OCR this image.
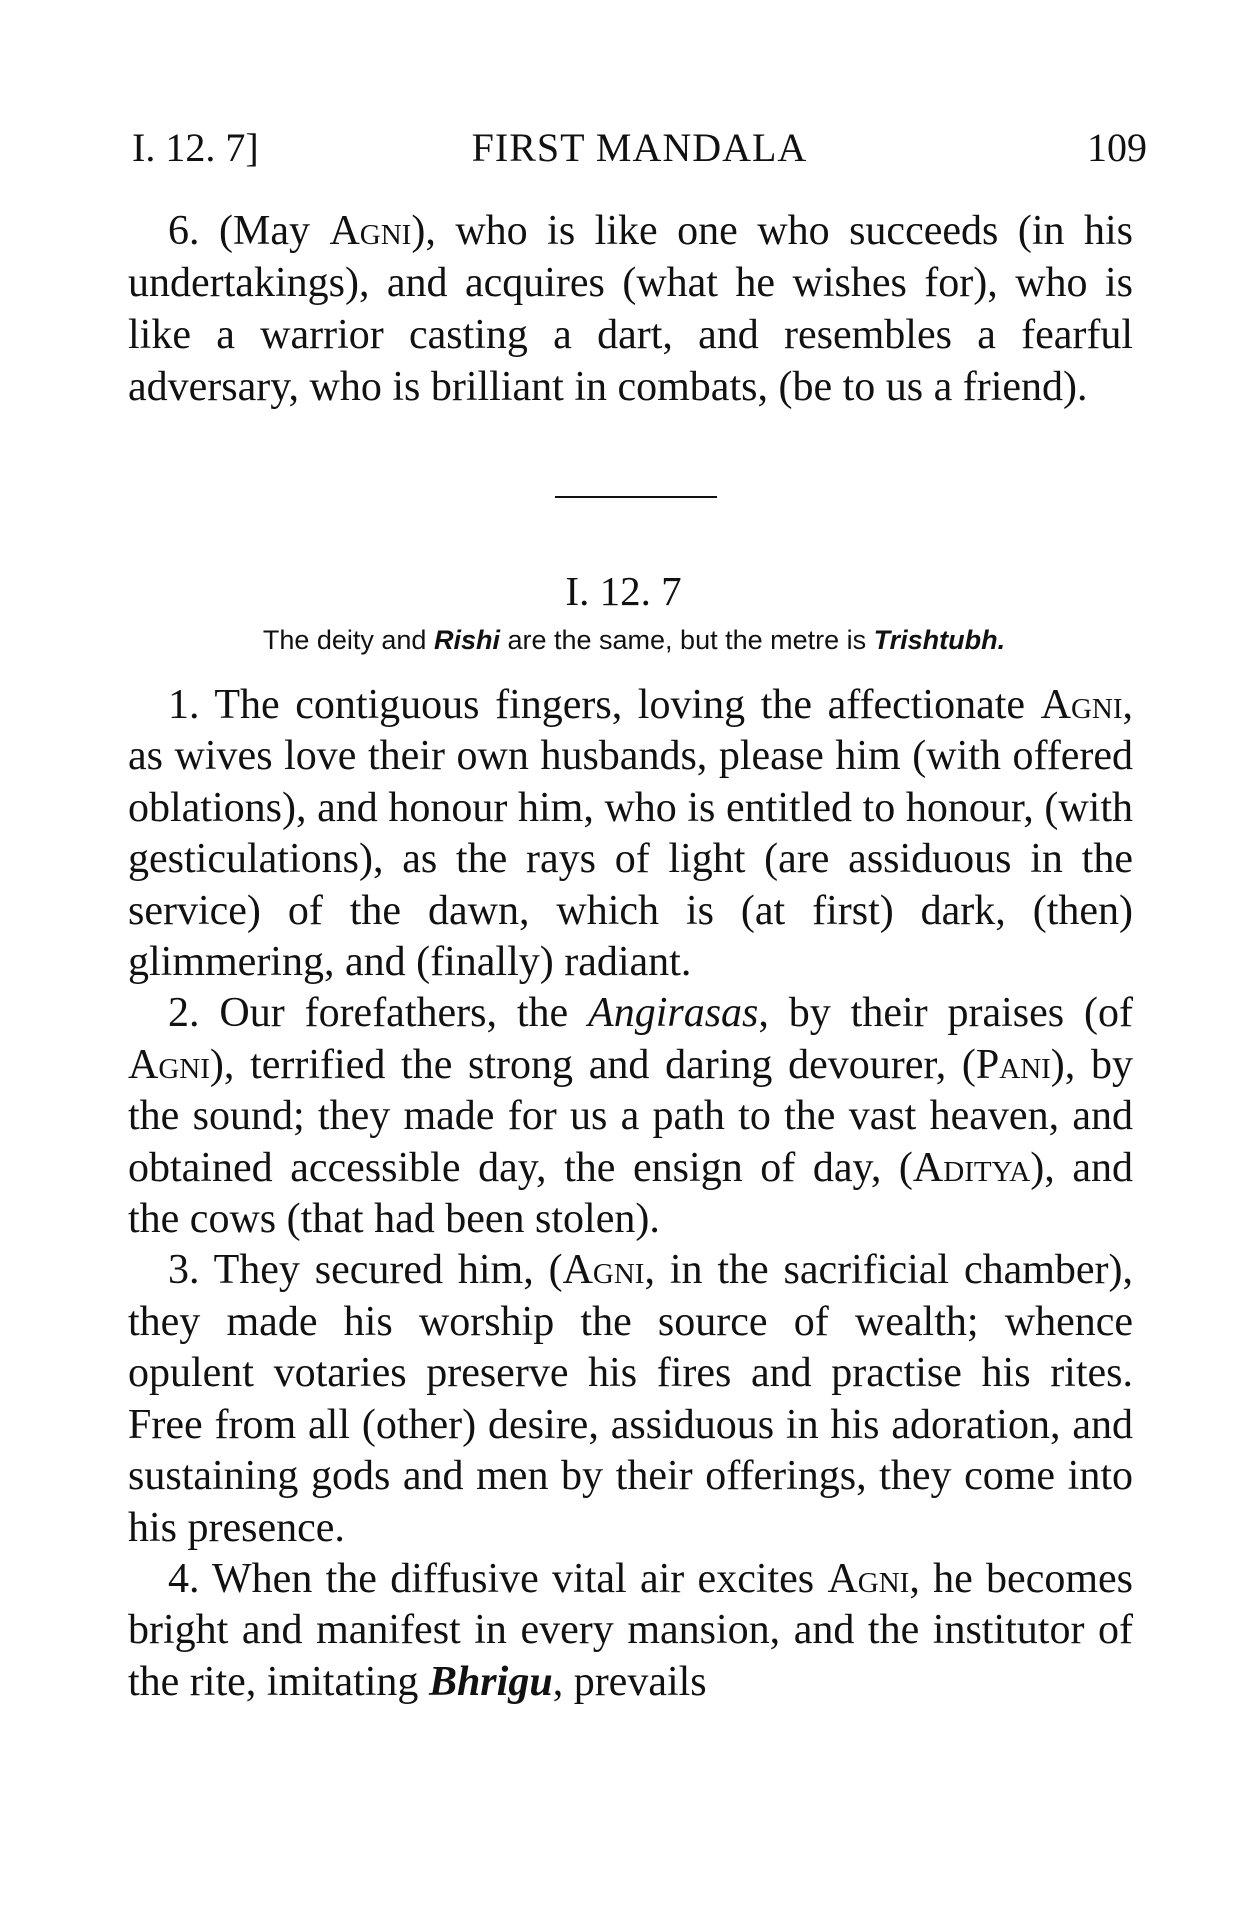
I. 12. 7]	FIRST MANDALA	109

6. (May Agni), who is like one who succeeds (in his undertakings), and acquires (what he wishes for), who is like a warrior casting a dart, and resembles a fearful adversary, who is brilliant in combats, (be to us a friend).

I. 12. 7
The deity and Rishi are the same, but the metre is Trishtubh.

1. The contiguous fingers, loving the affectionate Agni, as wives love their own husbands, please him (with offered oblations), and honour him, who is entitled to honour, (with gesticulations), as the rays of light (are assiduous in the service) of the dawn, which is (at first) dark, (then) glimmering, and (finally) radiant.

2. Our forefathers, the Angirasas, by their praises (of Agni), terrified the strong and daring devourer, (Pani), by the sound; they made for us a path to the vast heaven, and obtained accessible day, the ensign of day, (Aditya), and the cows (that had been stolen).

3. They secured him, (Agni, in the sacrificial chamber), they made his worship the source of wealth; whence opulent votaries preserve his fires and practise his rites. Free from all (other) desire, assiduous in his adoration, and sustaining gods and men by their offerings, they come into his presence.

4. When the diffusive vital air excites Agni, he becomes bright and manifest in every mansion, and the institutor of the rite, imitating Bhrigu, prevails
